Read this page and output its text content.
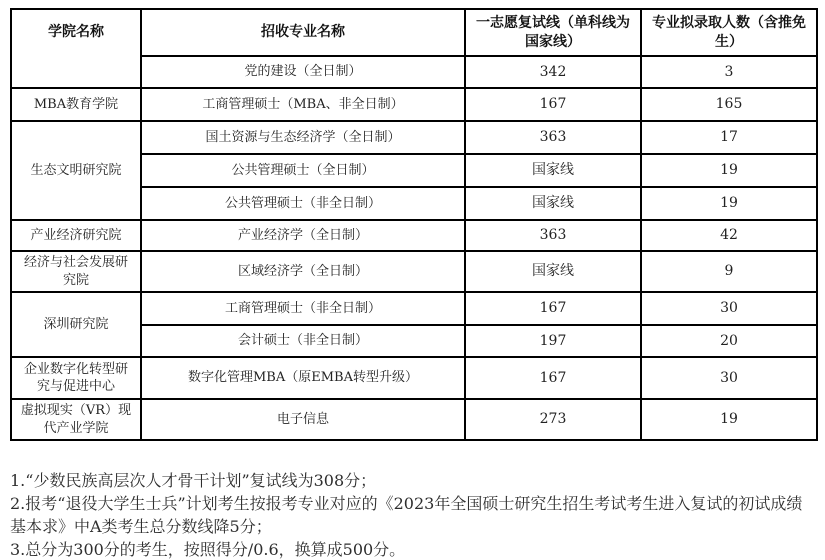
学院名称	招收专业名称	一志愿复试线（单科线为国家线）	专业拟录取人数（含推免生）
	党的建设（全日制）	342	3
MBA教育学院	工商管理硕士（MBA、非全日制）	167	165
生态文明研究院	国土资源与生态经济学（全日制）	363	17
	公共管理硕士（全日制）	国家线	19
	公共管理硕士（非全日制）	国家线	19
产业经济研究院	产业经济学（全日制）	363	42
经济与社会发展研究院	区域经济学（全日制）	国家线	9
深圳研究院	工商管理硕士（非全日制）	167	30
	会计硕士（非全日制）	197	20
企业数字化转型研究与促进中心	数字化管理MBA（原EMBA转型升级）	167	30
虚拟现实（VR）现代产业学院	电子信息	273	19

1.“少数民族高层次人才骨干计划”复试线为308分；

2.报考“退役大学生士兵”计划考生按报考专业对应的《2023年全国硕士研究生招生考试考生进入复试的初试成绩基本求》中A类考生总分数线降5分；

3.总分为300分的考生，按照得分/0.6，换算成500分。
